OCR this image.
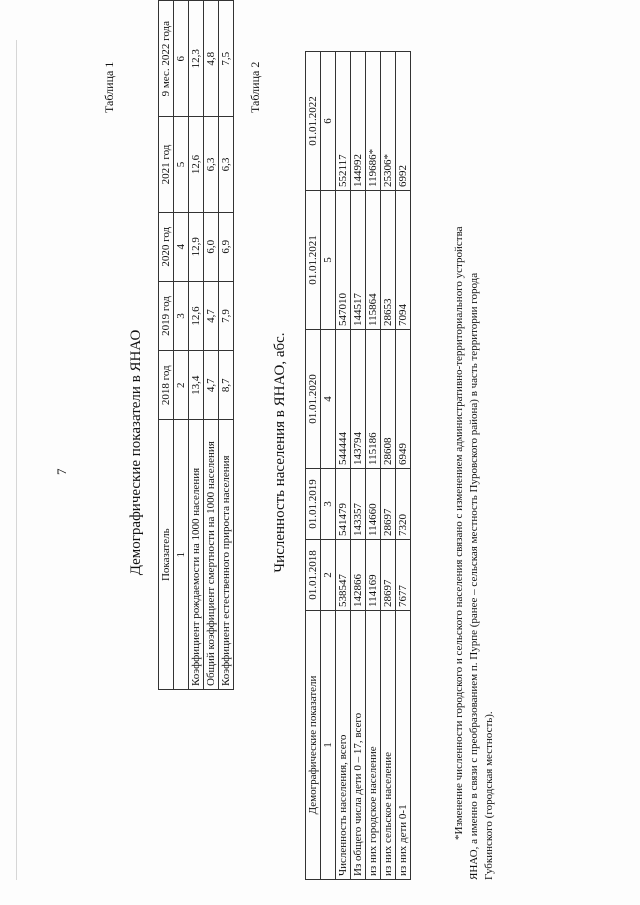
7
Таблица 1
Демографические показатели в ЯНАО Показатель	2018 год	2019 год	2020 год	2021 год	9 мес. 2022 года
1	2	3	4	5	6
Коэффициент рождаемости на 1000 населения	13,4	12,6	12,9	12,6	12,3
Общий коэффициент смертности на 1000 населения	4,7	4,7	6,0	6,3	4,8
Коэффициент естественного прироста населения	8,7	7,9	6,9	6,3	7,5
Таблица 2
Численность населения в ЯНАО, абс.
Демографические показатели	01.01.2018	01.01.2019	01.01.2020	01.01.2021	01.01.2022
1	2	3	4	5	6
Численность населения, всего	538547	541479	544444	547010	552117
Из общего числа дети 0 – 17, всего	142866	143357	143794	144517	144992
из них городское население	114169	114660	115186	115864	119686*
из них сельское население	28697	28697	28608	28653	25306*
из них дети 0-1	7677	7320	6949	7094	6992

*Изменение численности городского и сельского населения связано с изменением административно-территориального устройства ЯНАО, а именно в связи с преобразованием п. Пурпе (ранее – сельская местность Пуровского района) в часть территории города Губкинского (городская местность).
